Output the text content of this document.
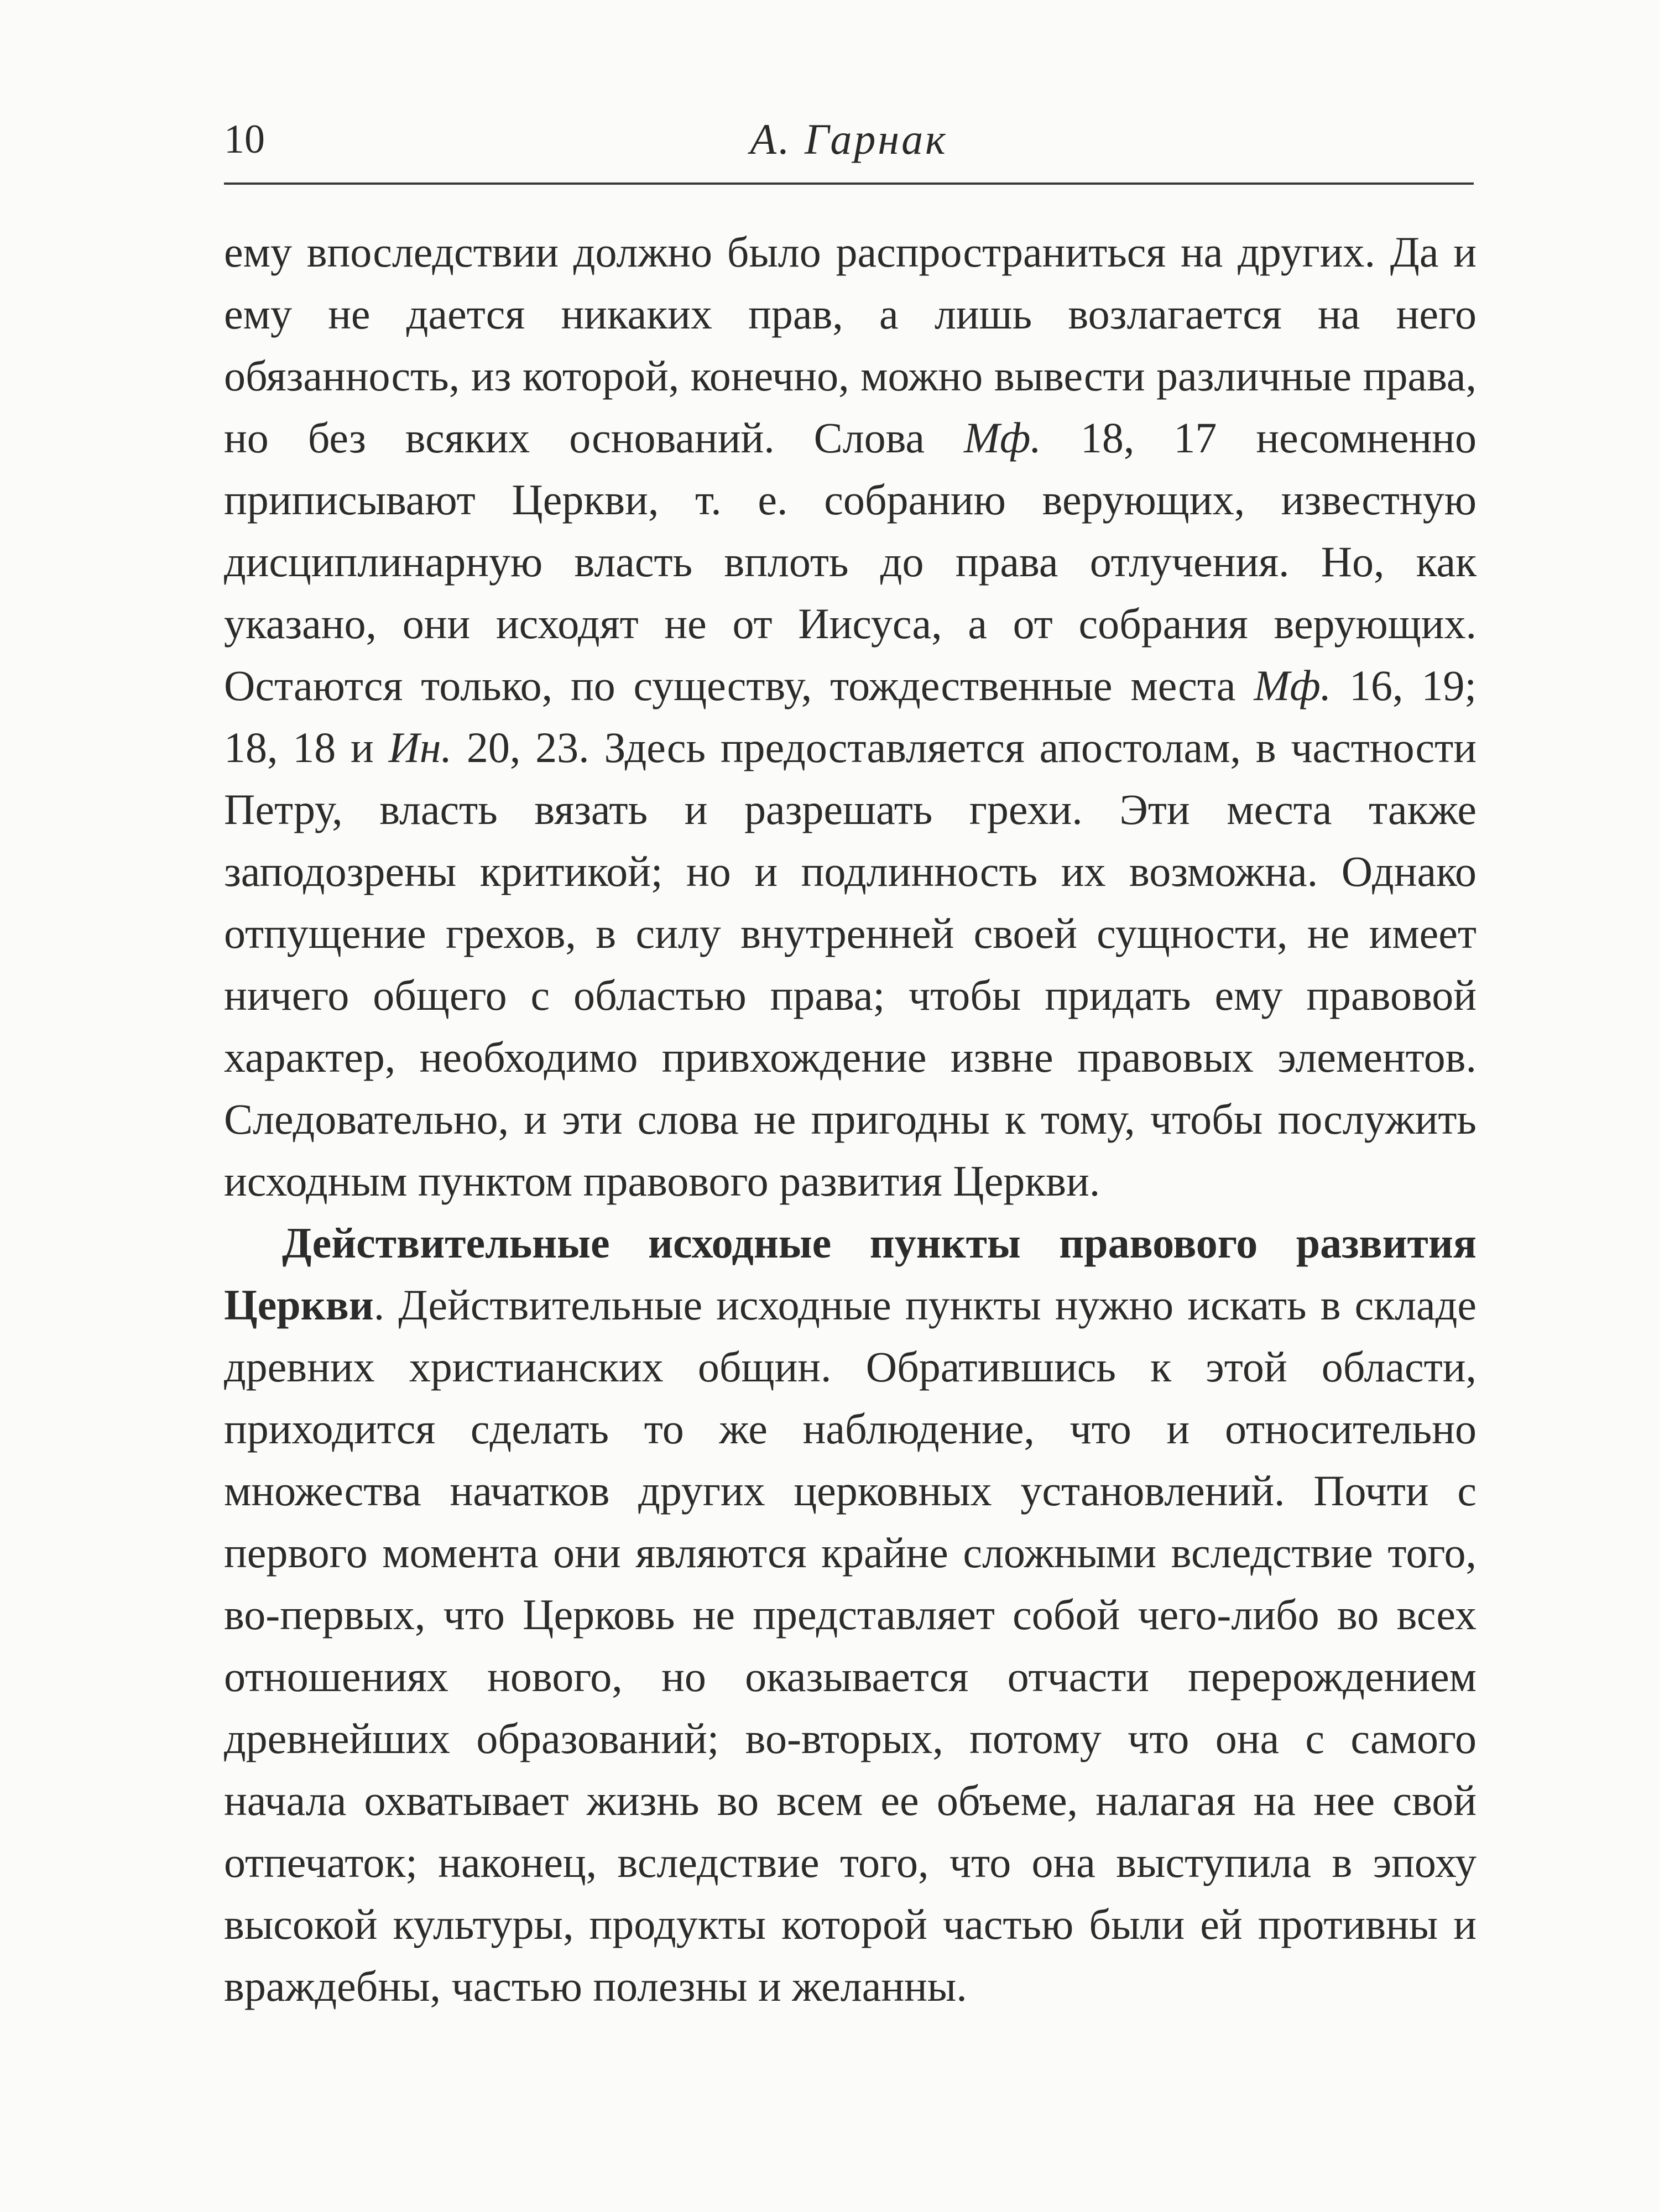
10	А. Гарнак

ему впоследствии должно было распространиться на других. Да и ему не дается никаких прав, а лишь возлагается на него обязанность, из которой, конечно, можно вывести различные права, но без всяких оснований. Слова Мф. 18, 17 несомненно приписывают Церкви, т. е. собранию верующих, известную дисциплинарную власть вплоть до права отлучения. Но, как указано, они исходят не от Иисуса, а от собрания верующих. Остаются только, по существу, тождественные места Мф. 16, 19; 18, 18 и Ин. 20, 23. Здесь предоставляется апостолам, в частности Петру, власть вязать и разрешать грехи. Эти места также заподозрены критикой; но и подлинность их возможна. Однако отпущение грехов, в силу внутренней своей сущности, не имеет ничего общего с областью права; чтобы придать ему правовой характер, необходимо привхождение извне правовых элементов. Следовательно, и эти слова не пригодны к тому, чтобы послужить исходным пунктом правового развития Церкви.

Действительные исходные пункты правового развития Церкви. Действительные исходные пункты нужно искать в складе древних христианских общин. Обратившись к этой области, приходится сделать то же наблюдение, что и относительно множества начатков других церковных установлений. Почти с первого момента они являются крайне сложными вследствие того, во-первых, что Церковь не представляет собой чего-либо во всех отношениях нового, но оказывается отчасти перерождением древнейших образований; во-вторых, потому что она с самого начала охватывает жизнь во всем ее объеме, налагая на нее свой отпечаток; наконец, вследствие того, что она выступила в эпоху высокой культуры, продукты которой частью были ей противны и враждебны, частью полезны и желанны.
